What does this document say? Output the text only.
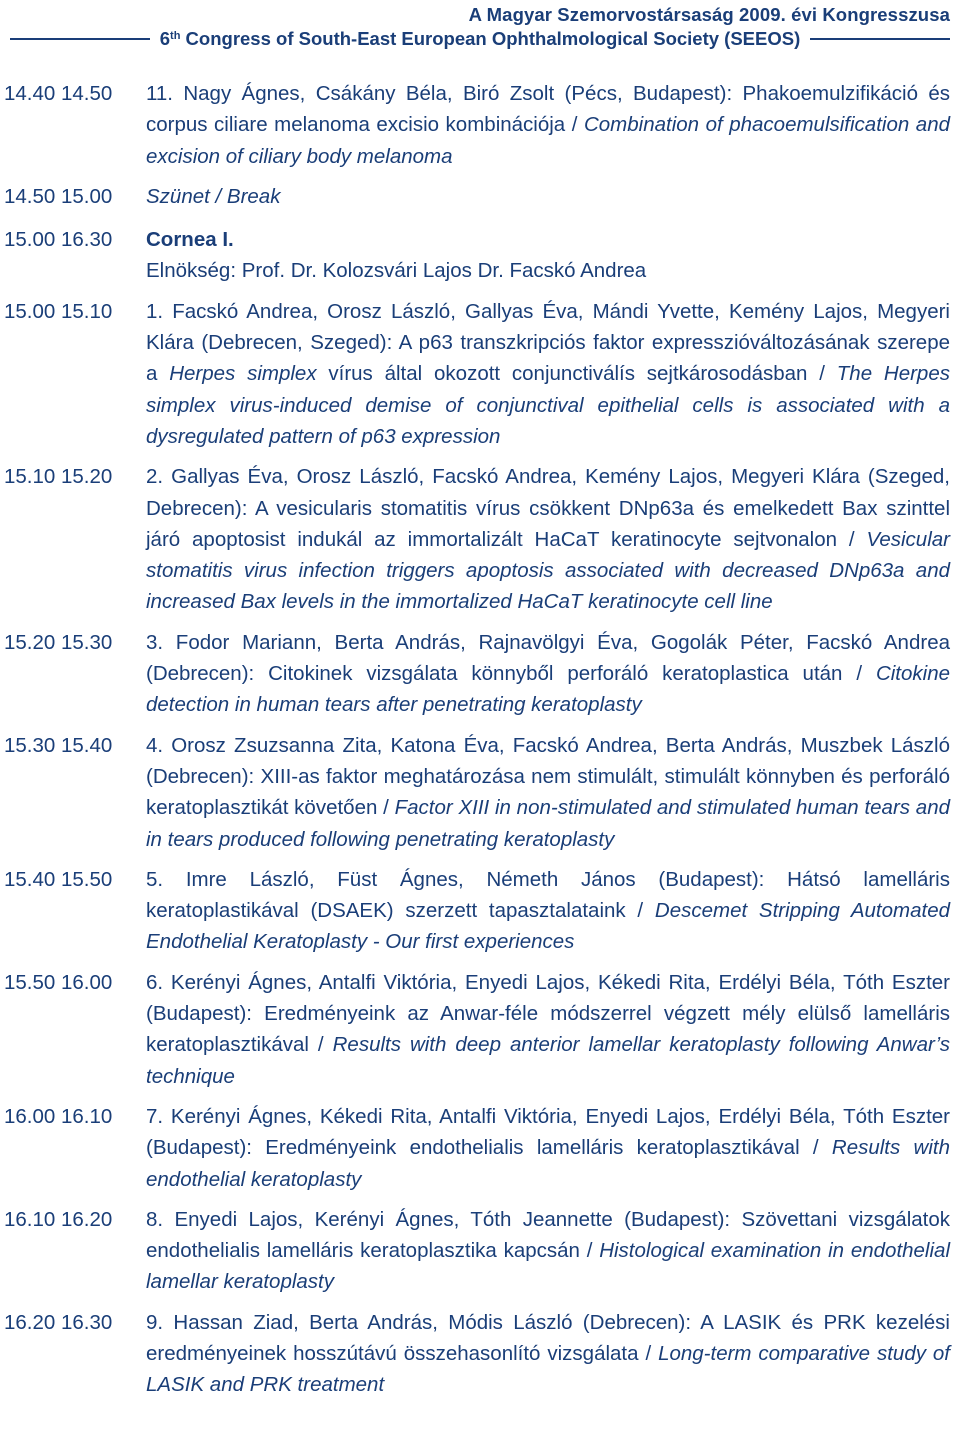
A Magyar Szemorvostársaság 2009. évi Kongresszusa
6th Congress of South-East European Ophthalmological Society (SEEOS)
14.40 14.50	11. Nagy Ágnes, Csákány Béla, Biró Zsolt (Pécs, Budapest): Phakoemulzifikáció és corpus ciliare melanoma excisio kombinációja / Combination of phacoemulsification and excision of ciliary body melanoma
14.50 15.00	Szünet / Break
15.00 16.30	Cornea I.
Elnökség: Prof. Dr. Kolozsvári Lajos Dr. Facskó Andrea
15.00 15.10	1. Facskó Andrea, Orosz László, Gallyas Éva, Mándi Yvette, Kemény Lajos, Megyeri Klára (Debrecen, Szeged): A p63 transzkripciós faktor expresszióváltozásának szerepe a Herpes simplex vírus által okozott conjunctiválís sejtkárosodásban / The Herpes simplex virus-induced demise of conjunctival epithelial cells is associated with a dysregulated pattern of p63 expression
15.10 15.20	2. Gallyas Éva, Orosz László, Facskó Andrea, Kemény Lajos, Megyeri Klára (Szeged, Debrecen): A vesicularis stomatitis vírus csökkent DNp63a és emelkedett Bax szinttel járó apoptosist indukál az immortalizált HaCaT keratinocyte sejtvonalon / Vesicular stomatitis virus infection triggers apoptosis associated with decreased DNp63a and increased Bax levels in the immortalized HaCaT keratinocyte cell line
15.20 15.30	3. Fodor Mariann, Berta András, Rajnavölgyi Éva, Gogolák Péter, Facskó Andrea (Debrecen): Citokinek vizsgálata könnyből perforáló keratoplastica után / Citokine detection in human tears after penetrating keratoplasty
15.30 15.40	4. Orosz Zsuzsanna Zita, Katona Éva, Facskó Andrea, Berta András, Muszbek László (Debrecen): XIII-as faktor meghatározása nem stimulált, stimulált könnyben és perforáló keratoplasztikát követően / Factor XIII in non-stimulated and stimulated human tears and in tears produced following penetrating keratoplasty
15.40 15.50	5. Imre László, Füst Ágnes, Németh János (Budapest): Hátsó lamelláris keratoplastikával (DSAEK) szerzett tapasztalataink / Descemet Stripping Automated Endothelial Keratoplasty - Our first experiences
15.50 16.00	6. Kerényi Ágnes, Antalfi Viktória, Enyedi Lajos, Kékedi Rita, Erdélyi Béla, Tóth Eszter (Budapest): Eredményeink az Anwar-féle módszerrel végzett mély elülső lamelláris keratoplasztikával / Results with deep anterior lamellar keratoplasty following Anwar’s technique
16.00 16.10	7. Kerényi Ágnes, Kékedi Rita, Antalfi Viktória, Enyedi Lajos, Erdélyi Béla, Tóth Eszter (Budapest): Eredményeink endothelialis lamelláris keratoplasztikával / Results with endothelial keratoplasty
16.10 16.20	8. Enyedi Lajos, Kerényi Ágnes, Tóth Jeannette (Budapest): Szövettani vizsgálatok endothelialis lamelláris keratoplasztika kapcsán / Histological examination in endothelial lamellar keratoplasty
16.20 16.30	9. Hassan Ziad, Berta András, Módis László (Debrecen): A LASIK és PRK kezelési eredményeinek hosszútávú összehasonlító vizsgálata / Long-term comparative study of LASIK and PRK treatment
